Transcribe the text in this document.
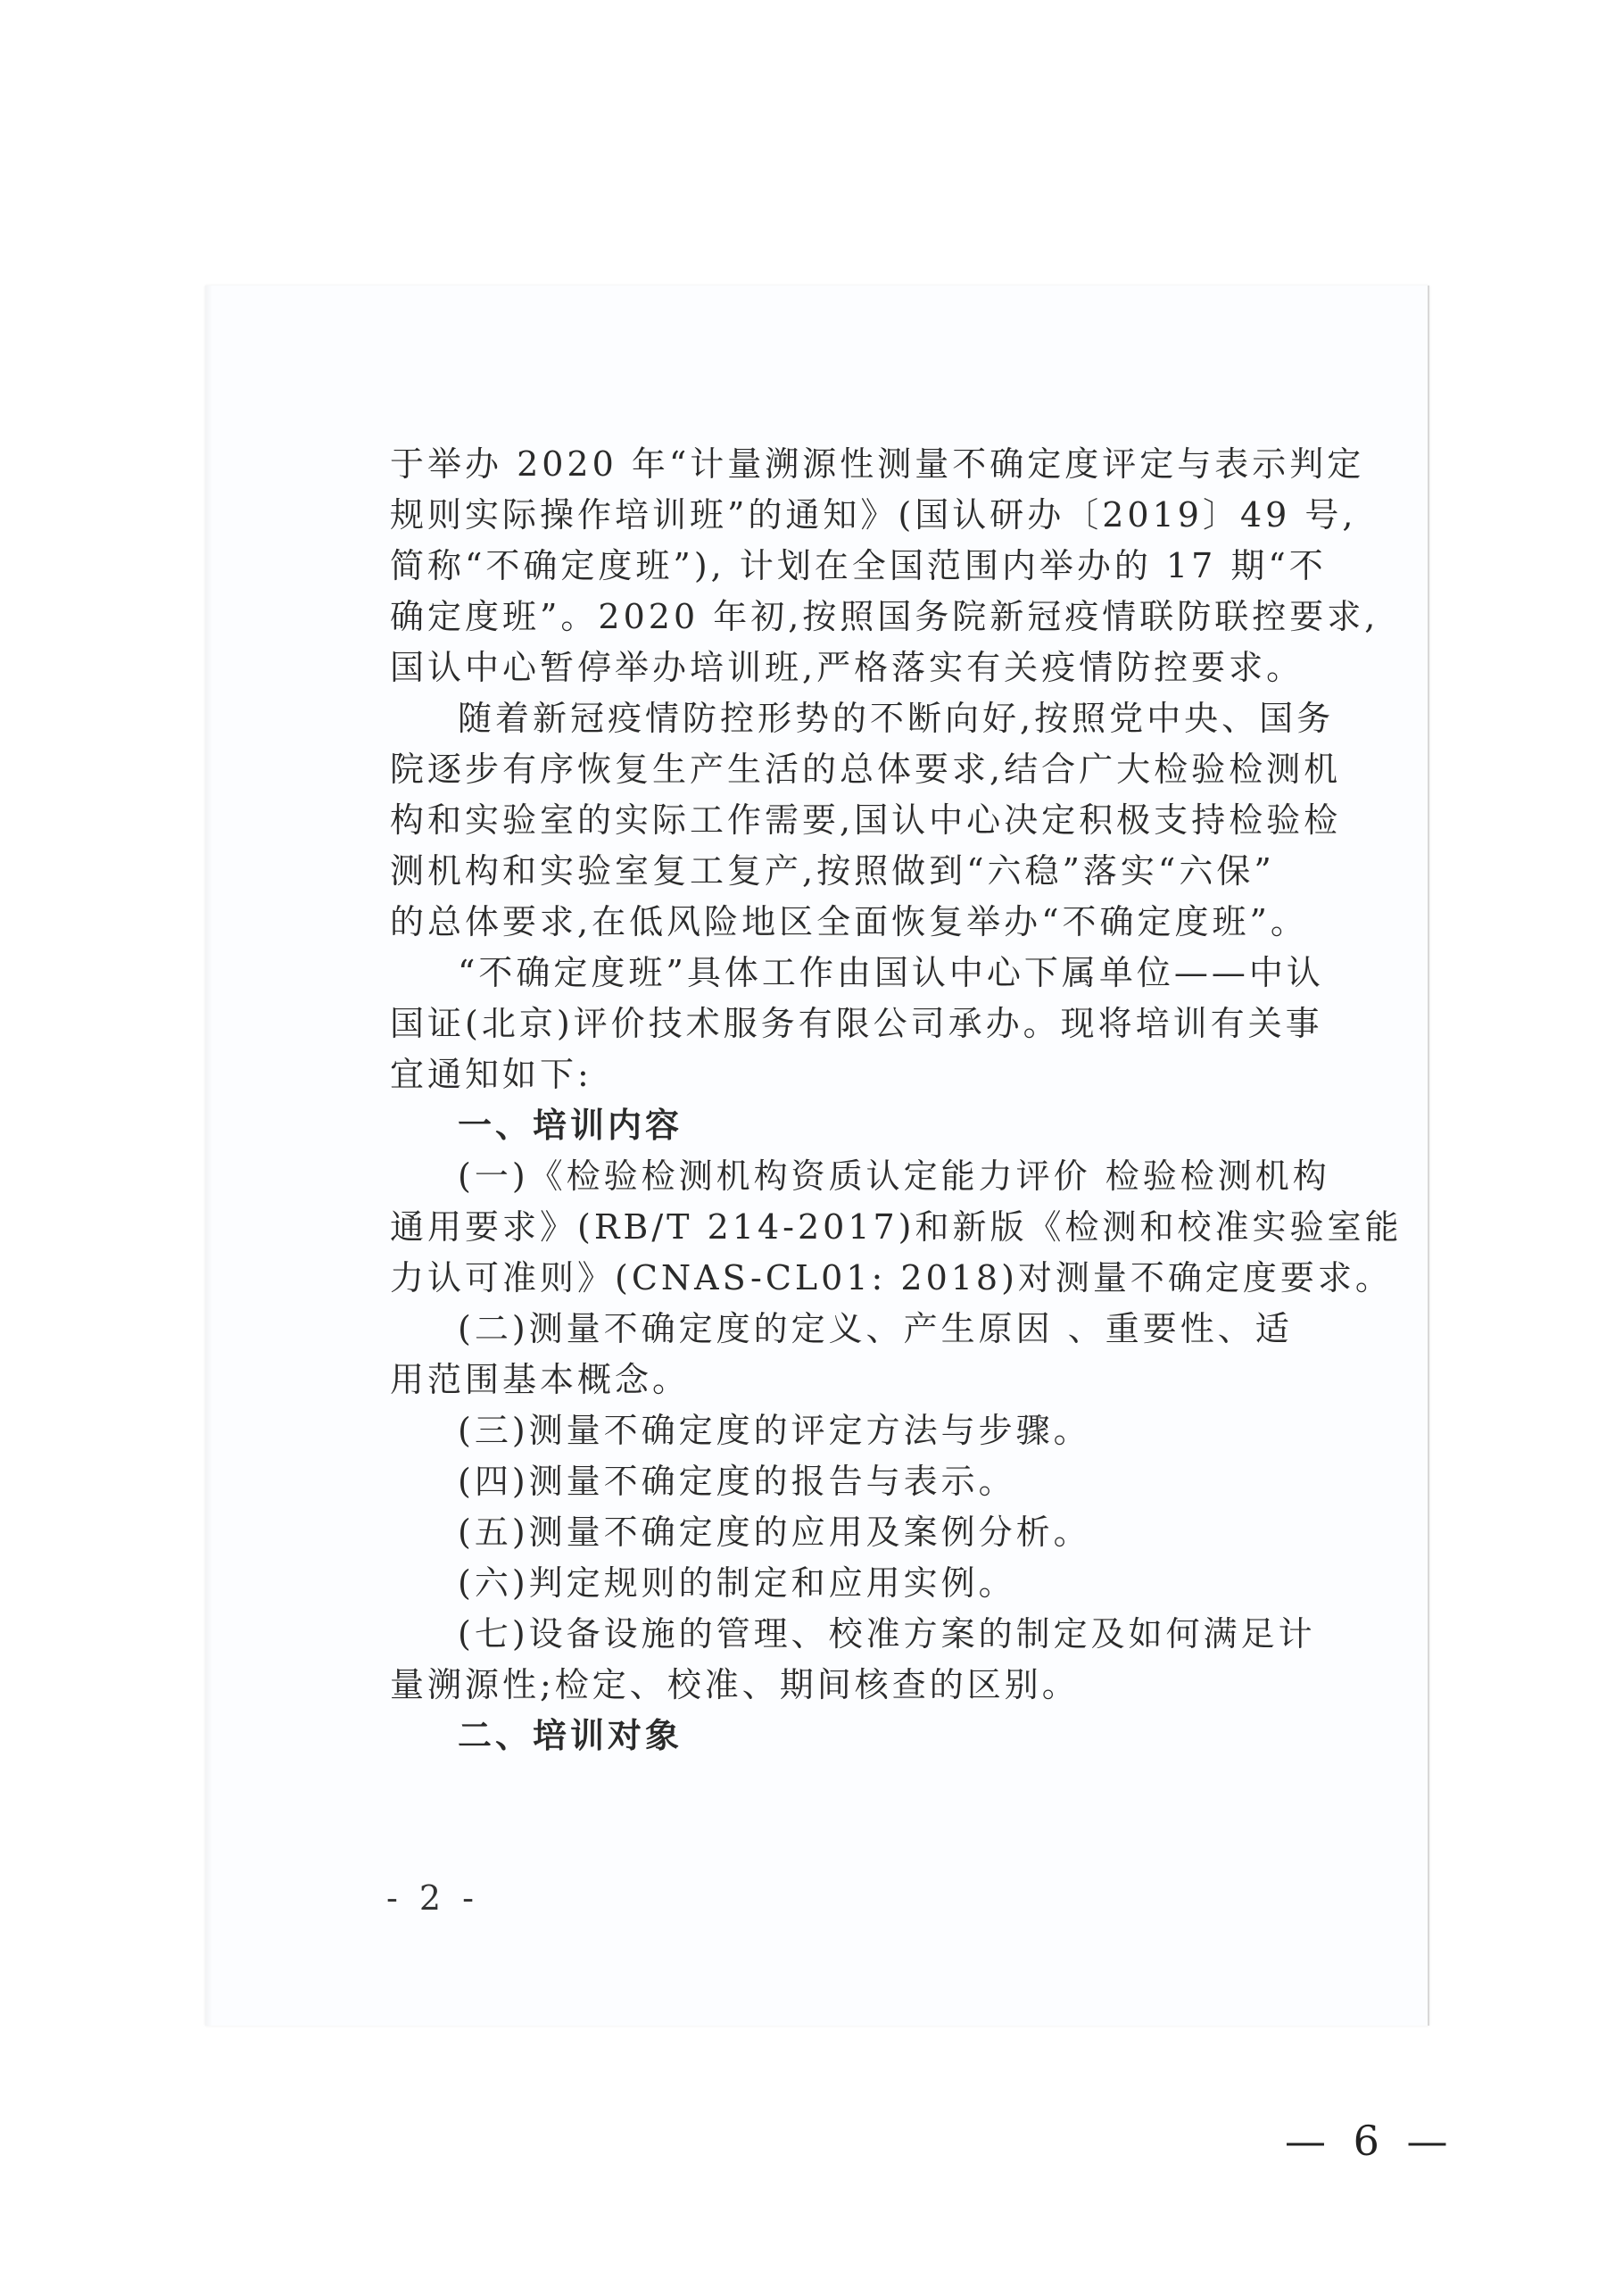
于举办 2020 年“计量溯源性测量不确定度评定与表示判定
规则实际操作培训班”的通知》(国认研办〔2019〕49 号,
简称“不确定度班”), 计划在全国范围内举办的 17 期“不
确定度班”。2020 年初,按照国务院新冠疫情联防联控要求,
国认中心暂停举办培训班,严格落实有关疫情防控要求。
随着新冠疫情防控形势的不断向好,按照党中央、国务
院逐步有序恢复生产生活的总体要求,结合广大检验检测机
构和实验室的实际工作需要,国认中心决定积极支持检验检
测机构和实验室复工复产,按照做到“六稳”落实“六保”
的总体要求,在低风险地区全面恢复举办“不确定度班”。
“不确定度班”具体工作由国认中心下属单位——中认
国证(北京)评价技术服务有限公司承办。现将培训有关事
宜通知如下:
一、培训内容
(一)《检验检测机构资质认定能力评价 检验检测机构
通用要求》(RB/T 214-2017)和新版《检测和校准实验室能
力认可准则》(CNAS-CL01: 2018)对测量不确定度要求。
(二)测量不确定度的定义、产生原因 、重要性、适
用范围基本概念。
(三)测量不确定度的评定方法与步骤。
(四)测量不确定度的报告与表示。
(五)测量不确定度的应用及案例分析。
(六)判定规则的制定和应用实例。
(七)设备设施的管理、校准方案的制定及如何满足计
量溯源性;检定、校准、期间核查的区别。
二、培训对象
- 2 -
— 6 —
